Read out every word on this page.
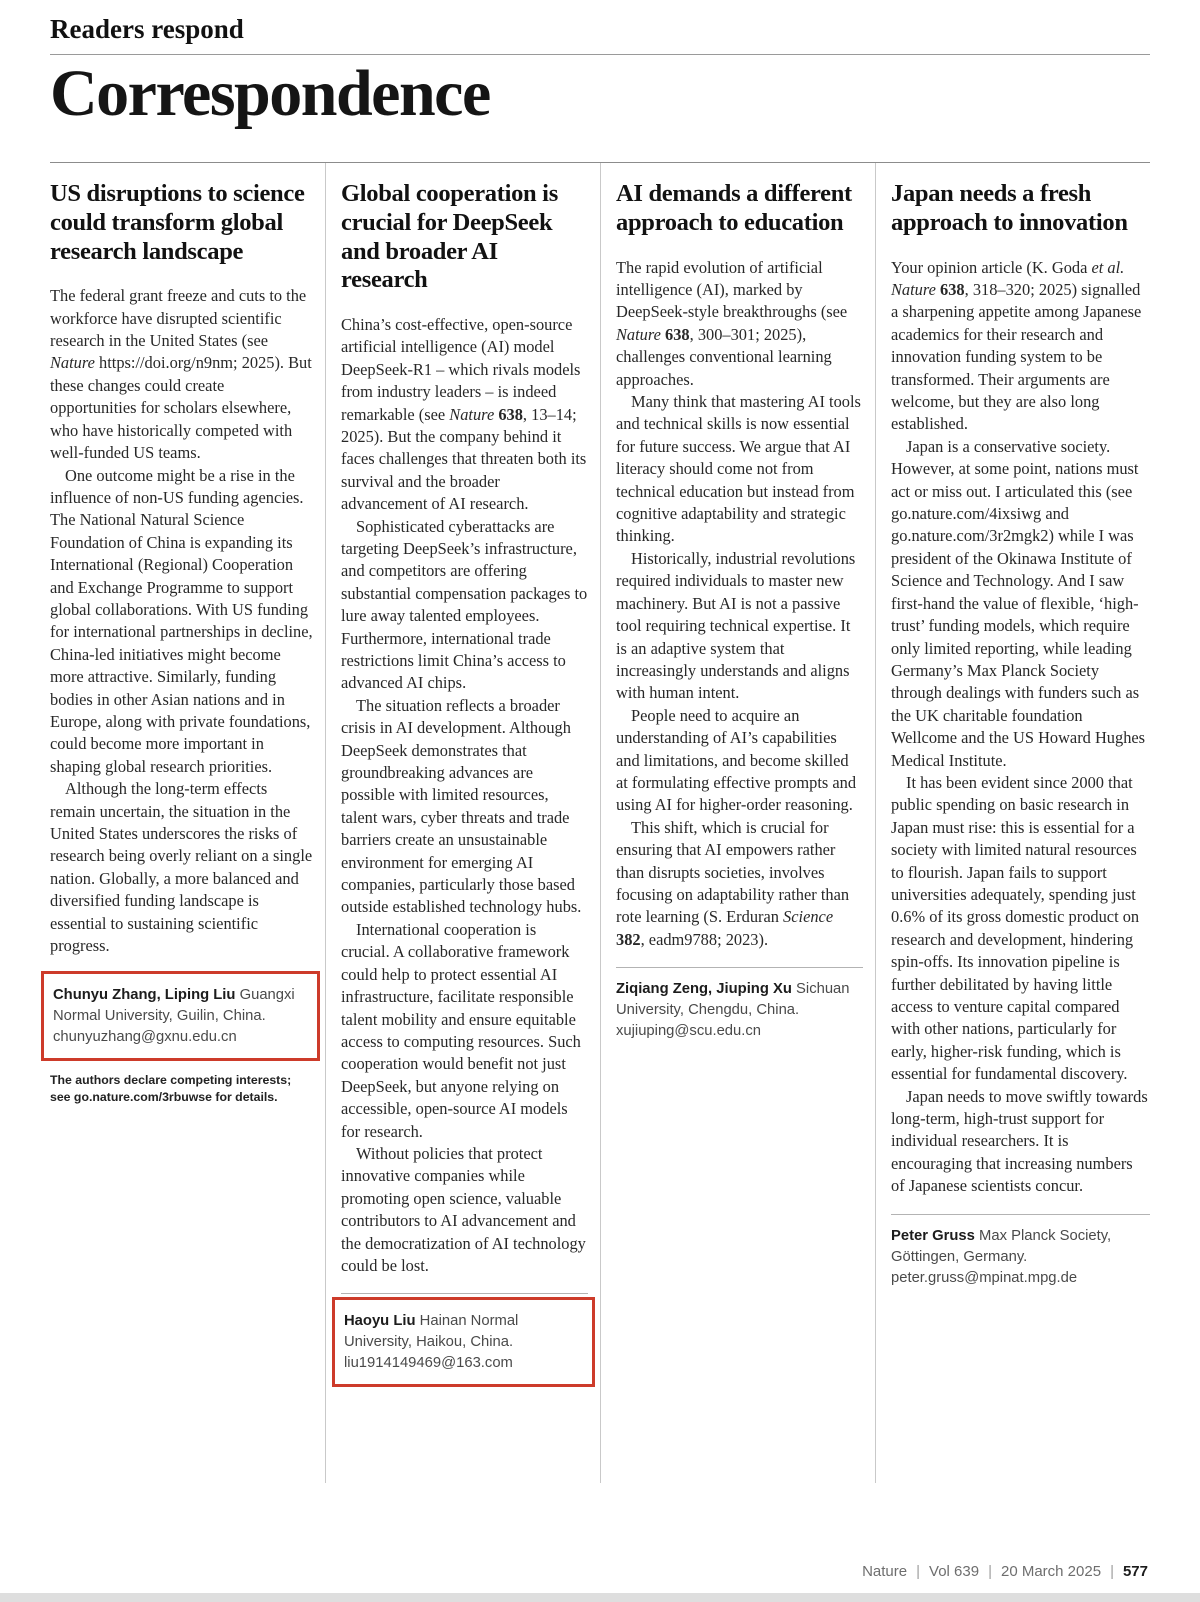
Readers respond
Correspondence
US disruptions to science could transform global research landscape

The federal grant freeze and cuts to the workforce have disrupted scientific research in the United States (see Nature https://doi.org/n9nm; 2025). But these changes could create opportunities for scholars elsewhere, who have historically competed with well-funded US teams.

One outcome might be a rise in the influence of non-US funding agencies. The National Natural Science Foundation of China is expanding its International (Regional) Cooperation and Exchange Programme to support global collaborations. With US funding for international partnerships in decline, China-led initiatives might become more attractive. Similarly, funding bodies in other Asian nations and in Europe, along with private foundations, could become more important in shaping global research priorities.

Although the long-term effects remain uncertain, the situation in the United States underscores the risks of research being overly reliant on a single nation. Globally, a more balanced and diversified funding landscape is essential to sustaining scientific progress.

Chunyu Zhang, Liping Liu Guangxi Normal University, Guilin, China.
chunyuzhang@gxnu.edu.cn

The authors declare competing interests; see go.nature.com/3rbuwse for details.

Global cooperation is crucial for DeepSeek and broader AI research

China’s cost-effective, open-source artificial intelligence (AI) model DeepSeek-R1 – which rivals models from industry leaders – is indeed remarkable (see Nature 638, 13–14; 2025). But the company behind it faces challenges that threaten both its survival and the broader advancement of AI research.

Sophisticated cyberattacks are targeting DeepSeek’s infrastructure, and competitors are offering substantial compensation packages to lure away talented employees. Furthermore, international trade restrictions limit China’s access to advanced AI chips.

The situation reflects a broader crisis in AI development. Although DeepSeek demonstrates that groundbreaking advances are possible with limited resources, talent wars, cyber threats and trade barriers create an unsustainable environment for emerging AI companies, particularly those based outside established technology hubs.

International cooperation is crucial. A collaborative framework could help to protect essential AI infrastructure, facilitate responsible talent mobility and ensure equitable access to computing resources. Such cooperation would benefit not just DeepSeek, but anyone relying on accessible, open-source AI models for research.

Without policies that protect innovative companies while promoting open science, valuable contributors to AI advancement and the democratization of AI technology could be lost.

Haoyu Liu Hainan Normal University, Haikou, China.
liu1914149469@163.com

AI demands a different approach to education

The rapid evolution of artificial intelligence (AI), marked by DeepSeek-style breakthroughs (see Nature 638, 300–301; 2025), challenges conventional learning approaches.

Many think that mastering AI tools and technical skills is now essential for future success. We argue that AI literacy should come not from technical education but instead from cognitive adaptability and strategic thinking.

Historically, industrial revolutions required individuals to master new machinery. But AI is not a passive tool requiring technical expertise. It is an adaptive system that increasingly understands and aligns with human intent.

People need to acquire an understanding of AI’s capabilities and limitations, and become skilled at formulating effective prompts and using AI for higher-order reasoning.

This shift, which is crucial for ensuring that AI empowers rather than disrupts societies, involves focusing on adaptability rather than rote learning (S. Erduran Science 382, eadm9788; 2023).

Ziqiang Zeng, Jiuping Xu Sichuan University, Chengdu, China.
xujiuping@scu.edu.cn

Japan needs a fresh approach to innovation

Your opinion article (K. Goda et al. Nature 638, 318–320; 2025) signalled a sharpening appetite among Japanese academics for their research and innovation funding system to be transformed. Their arguments are welcome, but they are also long established.

Japan is a conservative society. However, at some point, nations must act or miss out. I articulated this (see go.nature.com/4ixsiwg and go.nature.com/3r2mgk2) while I was president of the Okinawa Institute of Science and Technology. And I saw first-hand the value of flexible, ‘high-trust’ funding models, which require only limited reporting, while leading Germany’s Max Planck Society through dealings with funders such as the UK charitable foundation Wellcome and the US Howard Hughes Medical Institute.

It has been evident since 2000 that public spending on basic research in Japan must rise: this is essential for a society with limited natural resources to flourish. Japan fails to support universities adequately, spending just 0.6% of its gross domestic product on research and development, hindering spin-offs. Its innovation pipeline is further debilitated by having little access to venture capital compared with other nations, particularly for early, higher-risk funding, which is essential for fundamental discovery.

Japan needs to move swiftly towards long-term, high-trust support for individual researchers. It is encouraging that increasing numbers of Japanese scientists concur.

Peter Gruss Max Planck Society, Göttingen, Germany.
peter.gruss@mpinat.mpg.de

Nature | Vol 639 | 20 March 2025 | 577
